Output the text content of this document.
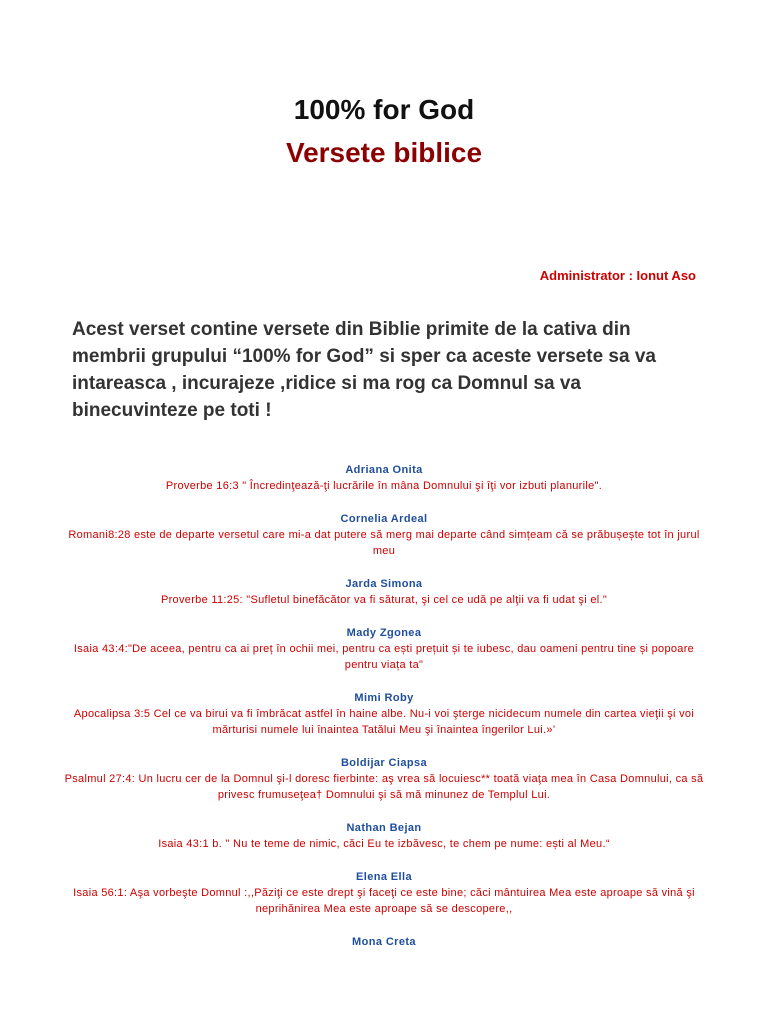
100% for God
Versete biblice
Administrator : Ionut Aso
Acest verset contine versete din Biblie primite de la cativa din membrii grupului “100% for God” si sper ca aceste versete sa va intareasca , incurajeze ,ridice si ma rog ca Domnul sa va binecuvinteze pe toti !
Adriana Onita
Proverbe 16:3 " Încredinţează-ţi lucrările în mâna Domnului şi îţi vor izbuti planurile".
Cornelia Ardeal
Romani8:28 este de departe versetul care mi-a dat putere să merg mai departe când simțeam că se prăbușește tot în jurul meu
Jarda Simona
Proverbe 11:25: "Sufletul binefăcător va fi săturat, şi cel ce udă pe alţii va fi udat şi el."
Mady Zgonea
Isaia 43:4:"De aceea, pentru ca ai preț în ochii mei, pentru ca ești prețuit și te iubesc, dau oameni pentru tine și popoare pentru viața ta"
Mimi Roby
Apocalipsa 3:5 Cel ce va birui va fi îmbrăcat astfel în haine albe. Nu-i voi şterge nicidecum numele din cartea vieţii şi voi mărturisi numele lui înaintea Tatălui Meu şi înaintea îngerilor Lui.»’
Boldijar Ciapsa
Psalmul 27:4: Un lucru cer de la Domnul şi-l doresc fierbinte: aş vrea să locuiesc** toată viaţa mea în Casa Domnului, ca să privesc frumuseţea† Domnului şi să mă minunez de Templul Lui.
Nathan Bejan
Isaia 43:1 b. " Nu te teme de nimic, căci Eu te izbăvesc, te chem pe nume: ești al Meu.“
Elena Ella
Isaia 56:1: Aşa vorbeşte Domnul :,,Păziţi ce este drept şi faceţi ce este bine; căci mântuirea Mea este aproape să vină şi neprihănirea Mea este aproape să se descopere,,
Mona Creta
